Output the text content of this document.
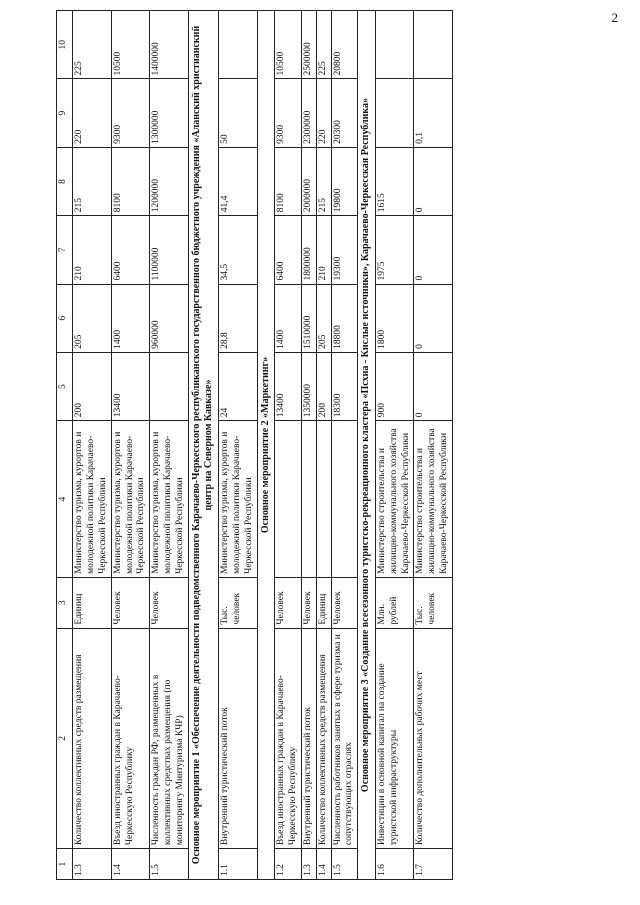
2
1	2	3	4	5	6	7	8	9	10
1.3	Количество коллективных средств размещения	Единиц	Министерство туризма, курортов и молодежной политики Карачаево-Черкесской Республики	200	205	210	215	220	225
1.4	Въезд иностранных граждан в Карачаево-Черкесскую Республику	Человек	Министерство туризма, курортов и молодежной политики Карачаево-Черкесской Республики	13400	1400	6400	8100	9300	10500
1.5	Численность граждан РФ, размещенных в коллективных средствах размещения (по мониторингу Минтуризма КЧР)	Человек	Министерство туризма, курортов и молодежной политики Карачаево-Черкесской Республики		960000	1100000	1200000	1300000	1400000
Основное мероприятие 1 «Обеспечение деятельности подведомственного Карачаево-Черкесского республиканского государственного бюджетного учреждения «Аланский христианский центр на Северном Кавказе»									
1.1	Внутренний туристический поток	Тыс. человек	Министерство туризма, курортов и молодежной политики Карачаево-Черкесской Республики	24	28,8	34,5	41,4	50	
Основное мероприятие 2 «Маркетинг»									
1.2	Въезд иностранных граждан в Карачаево-Черкесскую Республику	Человек		13400	1400	6400	8100	9300	10500
1.3	Внутренний туристический поток	Человек		1350000	1510000	1800000	2000000	2300000	2500000
1.4	Количество коллективных средств размещения	Единиц		200	205	210	215	220	225
1.5	Численность работников занятых в сфере туризма и сопутствующих отраслях	Человек		18300	18800	19300	19800	20300	20800
Основное мероприятие 3 «Создание всесезонного туристско-рекреационного кластера «Псхиа - Кислые источники», Карачаево-Черкесская Республика»									
1.6	Инвестиции в основной капитал на создание туристской инфраструктуры	Млн. рублей	Министерство строительства и жилищно-коммунального хозяйства Карачаево-Черкесской Республики	900	1800	1975	1615		
1.7	Количество дополнительных рабочих мест	Тыс. человек	Министерство строительства и жилищно-коммунального хозяйства Карачаево-Черкесской Республики	0	0	0	0	0,1	
